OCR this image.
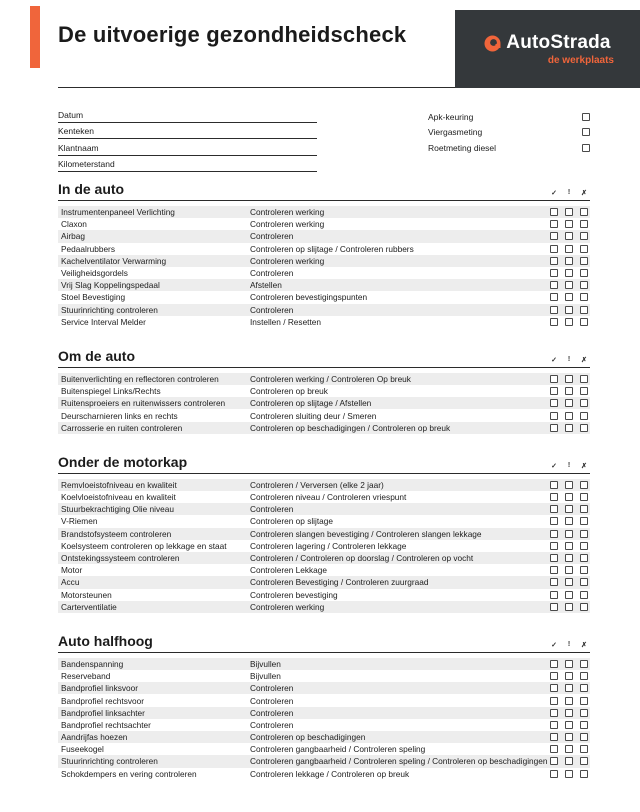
De uitvoerige gezondheidscheck	AutoStrada
de werkplaats
Datum
Kenteken
Klantnaam
Kilometerstand
Apk-keuring
Viergasmeting
Roetmeting diesel
In de auto	✓	!	✗
Instrumentenpaneel Verlichting	Controleren werking
Claxon	Controleren werking
Airbag	Controleren
Pedaalrubbers	Controleren op slijtage / Controleren rubbers
Kachelventilator Verwarming	Controleren werking
Veiligheidsgordels	Controleren
Vrij Slag Koppelingspedaal	Afstellen
Stoel Bevestiging	Controleren bevestigingspunten
Stuurinrichting controleren	Controleren
Service Interval Melder	Instellen / Resetten
Om de auto	✓	!	✗
Buitenverlichting en reflectoren controleren	Controleren werking / Controleren Op breuk
Buitenspiegel Links/Rechts	Controleren op breuk
Ruitensproeiers en ruitenwissers controleren	Controleren op slijtage / Afstellen
Deurscharnieren links en rechts	Controleren sluiting deur / Smeren
Carrosserie en ruiten controleren	Controleren op beschadigingen / Controleren op breuk
Onder de motorkap	✓	!	✗
Remvloeistofniveau en kwaliteit	Controleren / Verversen (elke 2 jaar)
Koelvloeistofniveau en kwaliteit	Controleren niveau / Controleren vriespunt
Stuurbekrachtiging Olie niveau	Controleren
V-Riemen	Controleren op slijtage
Brandstofsysteem controleren	Controleren slangen bevestiging / Controleren slangen lekkage
Koelsysteem controleren op lekkage en staat	Controleren lagering / Controleren lekkage
Ontstekingssysteem controleren	Controleren / Controleren op doorslag / Controleren op vocht
Motor	Controleren Lekkage
Accu	Controleren Bevestiging / Controleren zuurgraad
Motorsteunen	Controleren bevestiging
Carterventilatie	Controleren werking
Auto halfhoog	✓	!	✗
Bandenspanning	Bijvullen
Reserveband	Bijvullen
Bandprofiel linksvoor	Controleren
Bandprofiel rechtsvoor	Controleren
Bandprofiel linksachter	Controleren
Bandprofiel rechtsachter	Controleren
Aandrijfas hoezen	Controleren op beschadigingen
Fuseekogel	Controleren gangbaarheid / Controleren speling
Stuurinrichting controleren	Controleren gangbaarheid / Controleren speling / Controleren op beschadigingen
Schokdempers en vering controleren	Controleren lekkage / Controleren op breuk
